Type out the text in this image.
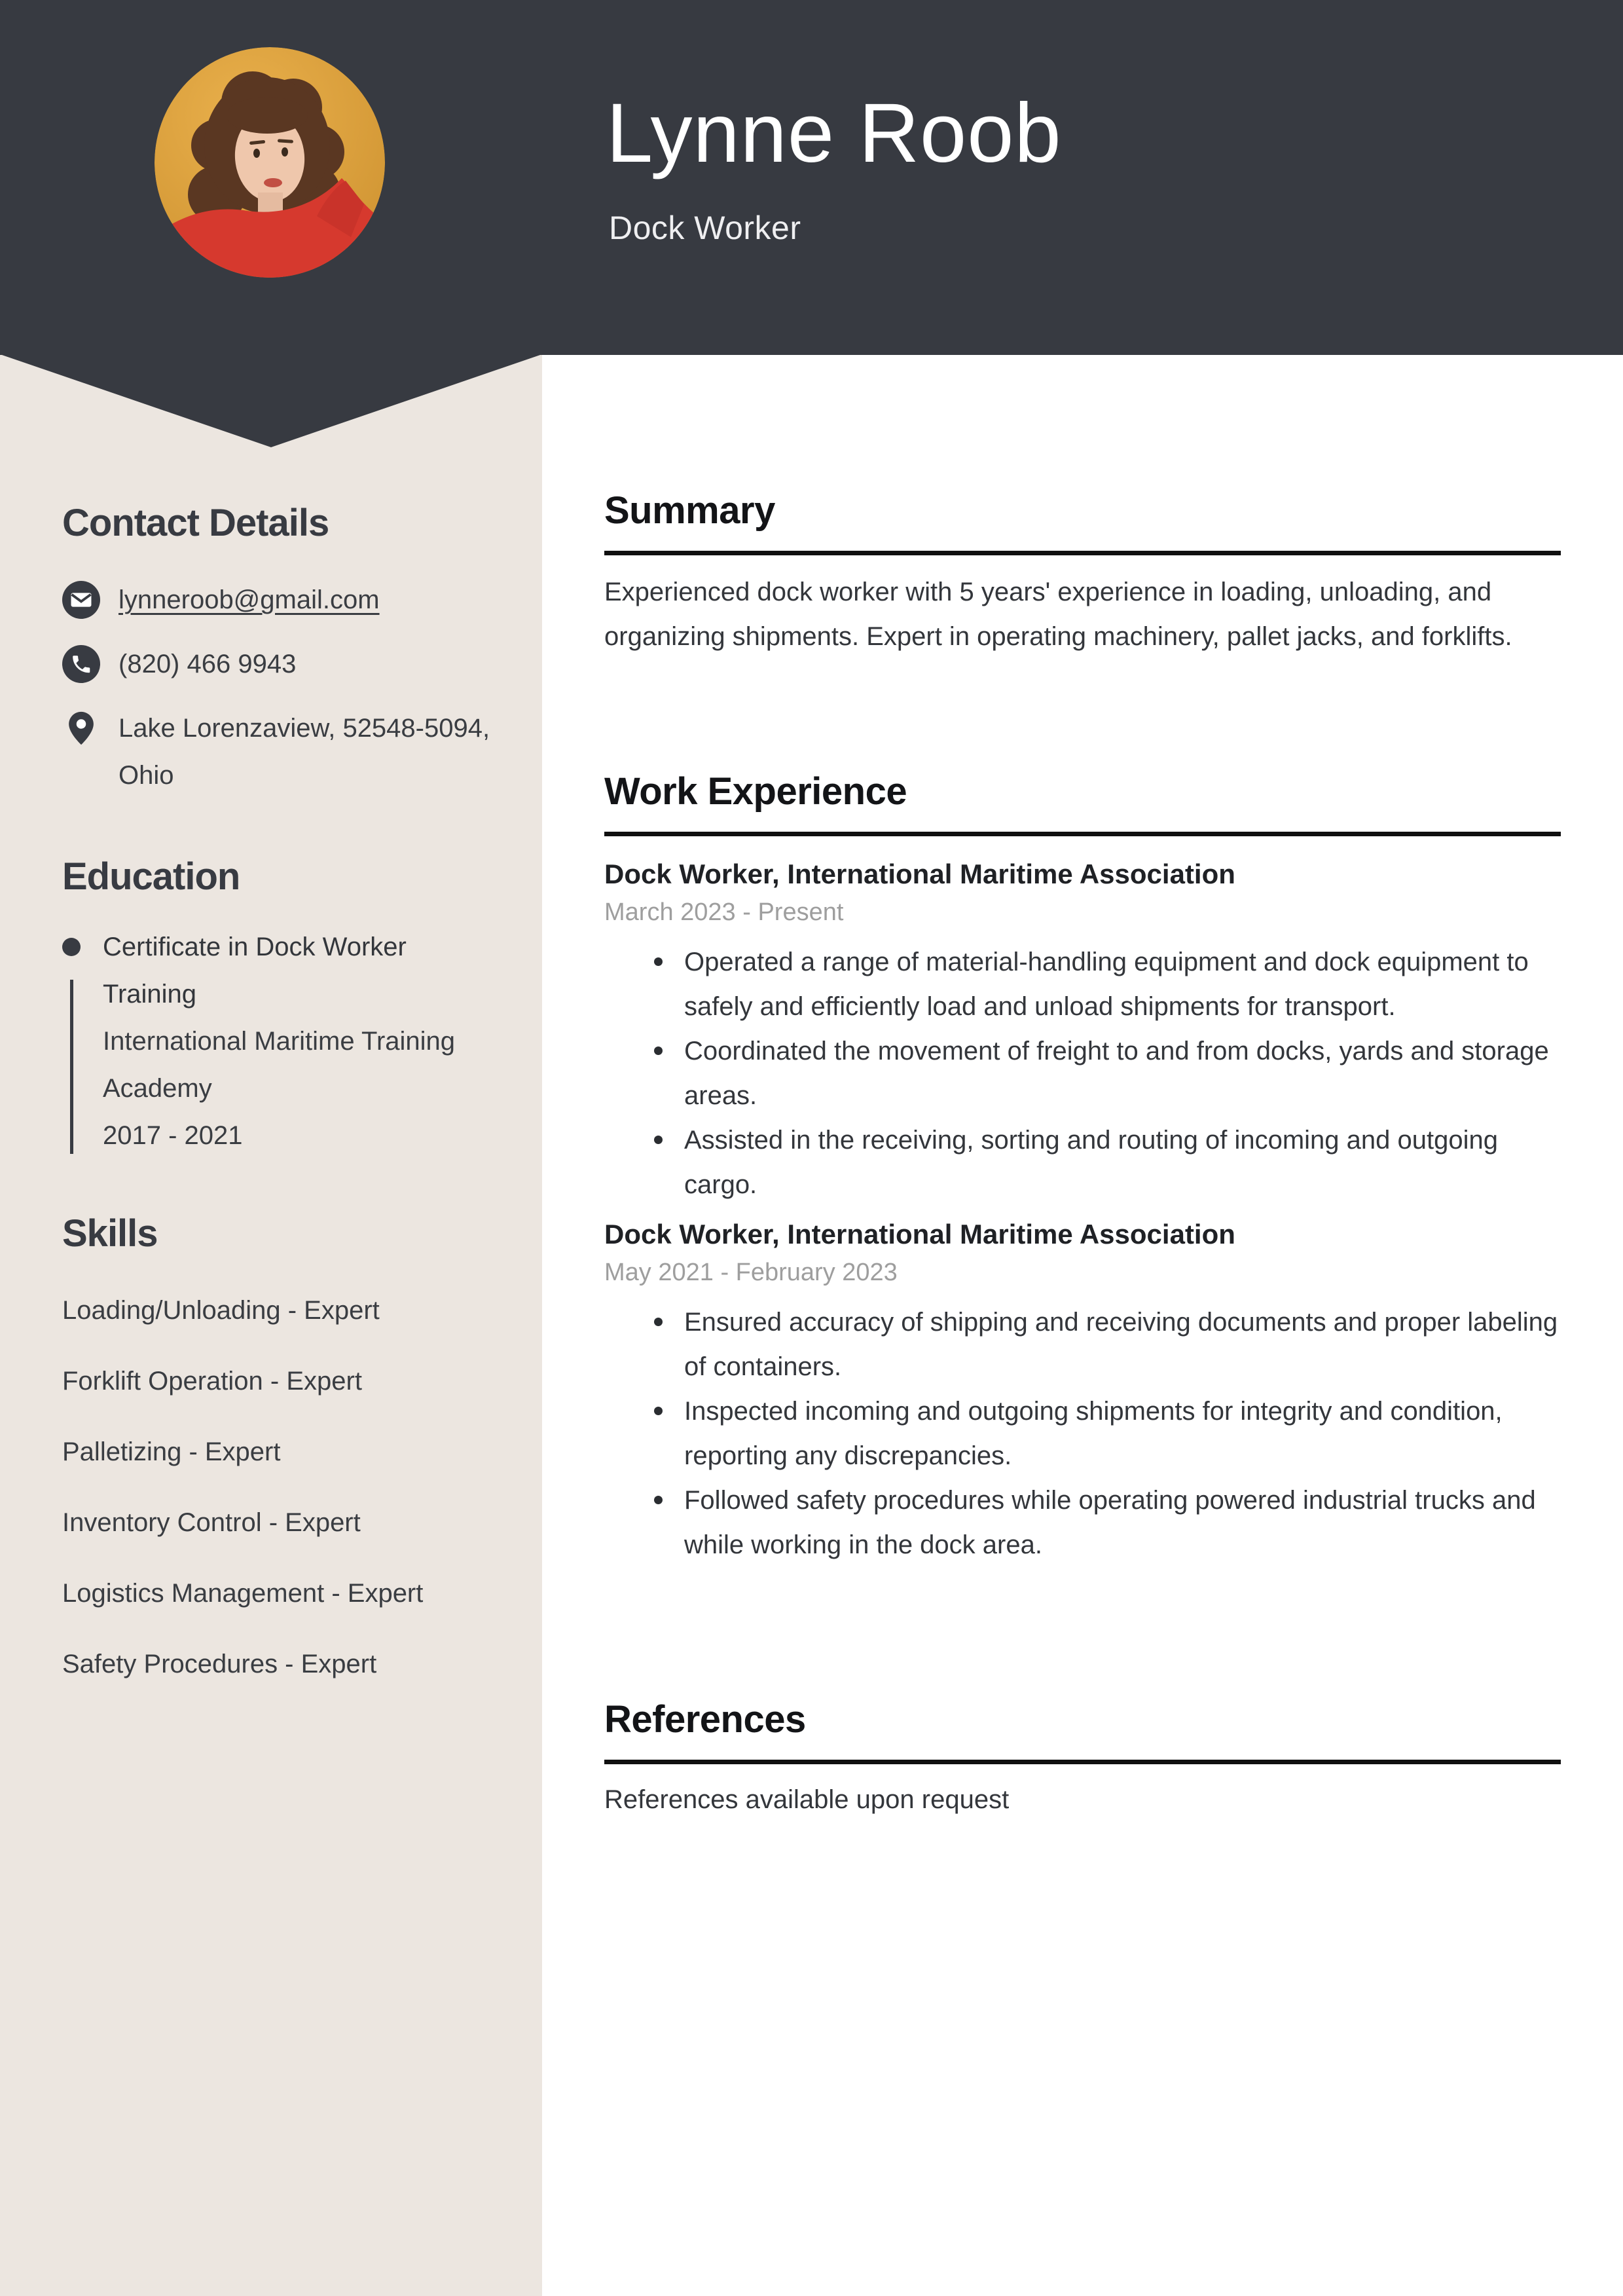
Lynne Roob

Dock Worker

Contact Details
lynneroob@gmail.com
(820) 466 9943
Lake Lorenzaview, 52548-5094, Ohio
Education
Certificate in Dock Worker Training
International Maritime Training Academy
2017 - 2021
Skills
Loading/Unloading - Expert
Forklift Operation - Expert
Palletizing - Expert
Inventory Control - Expert
Logistics Management - Expert
Safety Procedures - Expert
Summary

Experienced dock worker with 5 years' experience in loading, unloading, and organizing shipments. Expert in operating machinery, pallet jacks, and forklifts.

Work Experience
Dock Worker, International Maritime Association

March 2023 - Present

Operated a range of material-handling equipment and dock equipment to safely and efficiently load and unload shipments for transport.
Coordinated the movement of freight to and from docks, yards and storage areas.
Assisted in the receiving, sorting and routing of incoming and outgoing cargo.
Dock Worker, International Maritime Association

May 2021 - February 2023

Ensured accuracy of shipping and receiving documents and proper labeling of containers.
Inspected incoming and outgoing shipments for integrity and condition, reporting any discrepancies.
Followed safety procedures while operating powered industrial trucks and while working in the dock area.
References

References available upon request
